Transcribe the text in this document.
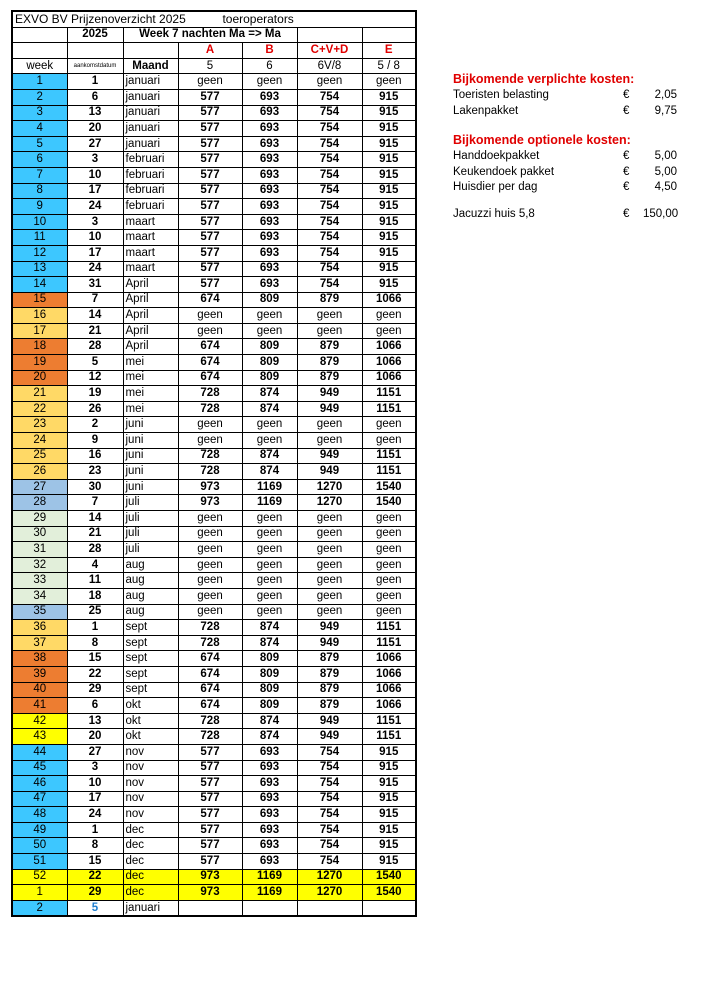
EXVO BV Prijzenoverzicht 2025 toeroperators						
	2025	Week 7 nachten Ma => Ma				
			A	B	C+V+D	E
week	aankomstdatum	Maand	5	6	6V/8	5 / 8
1	1	januari	geen	geen	geen	geen
2	6	januari	577	693	754	915
3	13	januari	577	693	754	915
4	20	januari	577	693	754	915
5	27	januari	577	693	754	915
6	3	februari	577	693	754	915
7	10	februari	577	693	754	915
8	17	februari	577	693	754	915
9	24	februari	577	693	754	915
10	3	maart	577	693	754	915
11	10	maart	577	693	754	915
12	17	maart	577	693	754	915
13	24	maart	577	693	754	915
14	31	April	577	693	754	915
15	7	April	674	809	879	1066
16	14	April	geen	geen	geen	geen
17	21	April	geen	geen	geen	geen
18	28	April	674	809	879	1066
19	5	mei	674	809	879	1066
20	12	mei	674	809	879	1066
21	19	mei	728	874	949	1151
22	26	mei	728	874	949	1151
23	2	juni	geen	geen	geen	geen
24	9	juni	geen	geen	geen	geen
25	16	juni	728	874	949	1151
26	23	juni	728	874	949	1151
27	30	juni	973	1169	1270	1540
28	7	juli	973	1169	1270	1540
29	14	juli	geen	geen	geen	geen
30	21	juli	geen	geen	geen	geen
31	28	juli	geen	geen	geen	geen
32	4	aug	geen	geen	geen	geen
33	11	aug	geen	geen	geen	geen
34	18	aug	geen	geen	geen	geen
35	25	aug	geen	geen	geen	geen
36	1	sept	728	874	949	1151
37	8	sept	728	874	949	1151
38	15	sept	674	809	879	1066
39	22	sept	674	809	879	1066
40	29	sept	674	809	879	1066
41	6	okt	674	809	879	1066
42	13	okt	728	874	949	1151
43	20	okt	728	874	949	1151
44	27	nov	577	693	754	915
45	3	nov	577	693	754	915
46	10	nov	577	693	754	915
47	17	nov	577	693	754	915
48	24	nov	577	693	754	915
49	1	dec	577	693	754	915
50	8	dec	577	693	754	915
51	15	dec	577	693	754	915
52	22	dec	973	1169	1270	1540
1	29	dec	973	1169	1270	1540
2	5	januari				
Bijkomende verplichte kosten:
Toeristen belasting	€	2,05
Lakenpakket	€	9,75
Bijkomende optionele kosten:
Handdoekpakket	€	5,00
Keukendoek pakket	€	5,00
Huisdier per dag	€	4,50
Jacuzzi huis 5,8	€	150,00
